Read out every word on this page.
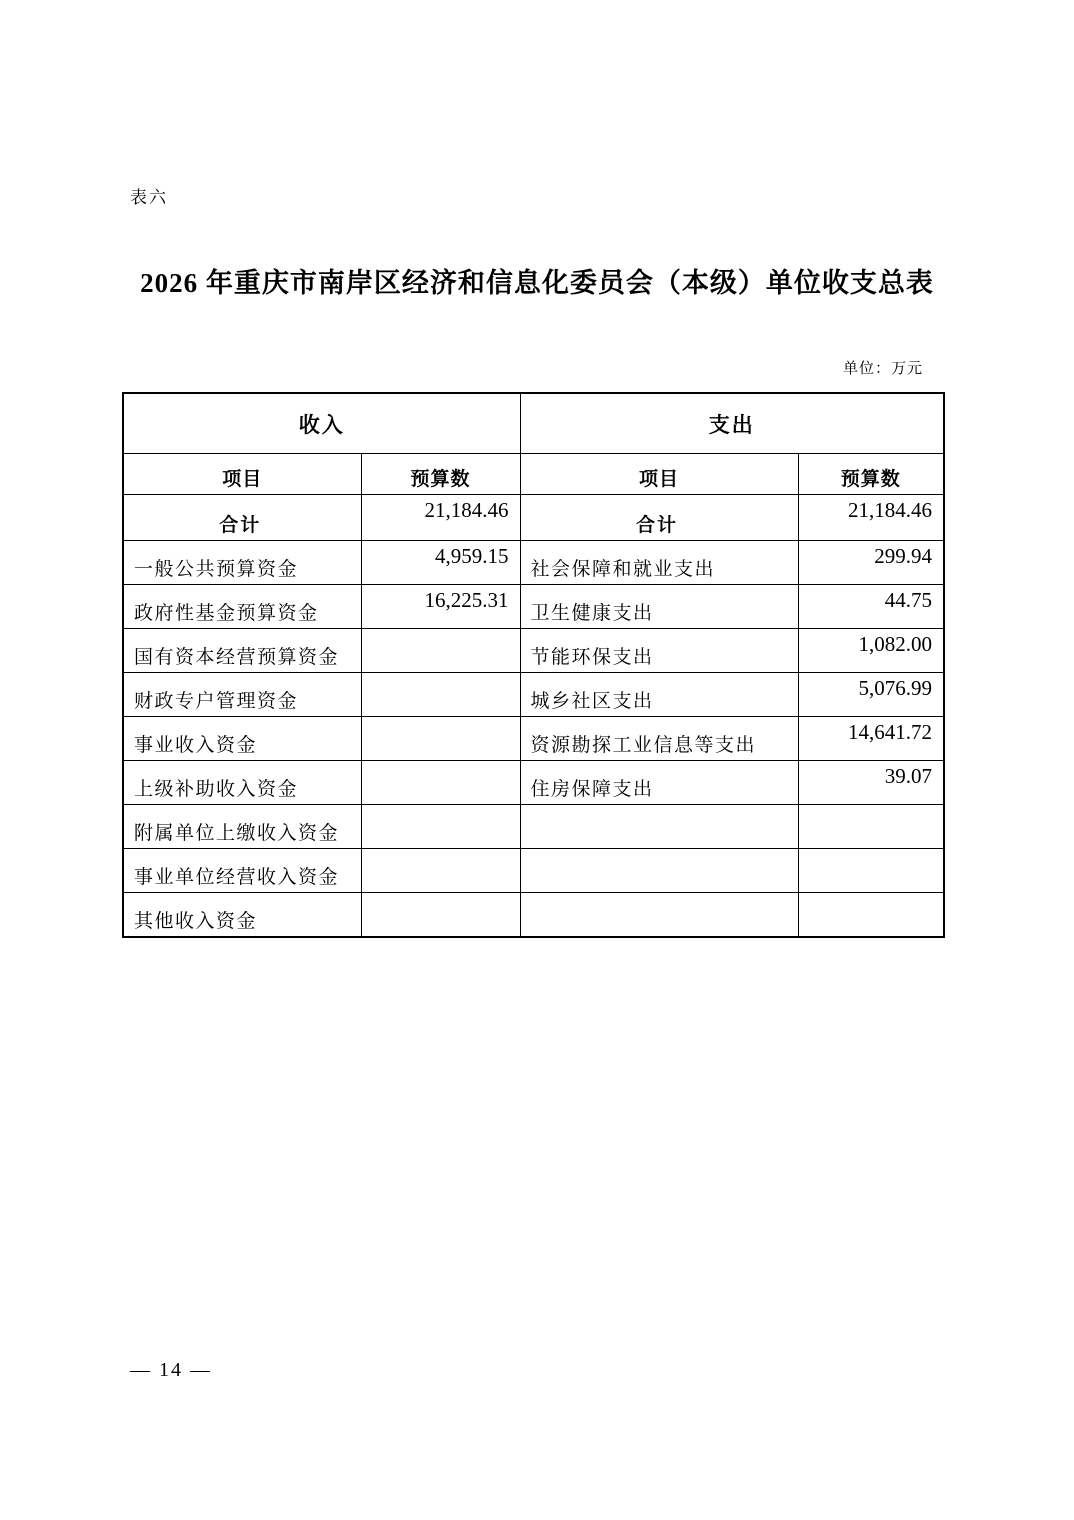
表六
2026 年重庆市南岸区经济和信息化委员会（本级）单位收支总表
单位：万元
收入		支出	
项目	预算数	项目	预算数
合计	21,184.46	合计	21,184.46
一般公共预算资金	4,959.15	社会保障和就业支出	299.94
政府性基金预算资金	16,225.31	卫生健康支出	44.75
国有资本经营预算资金		节能环保支出	1,082.00
财政专户管理资金		城乡社区支出	5,076.99
事业收入资金		资源勘探工业信息等支出	14,641.72
上级补助收入资金		住房保障支出	39.07
附属单位上缴收入资金			
事业单位经营收入资金			
其他收入资金			
— 14 —
